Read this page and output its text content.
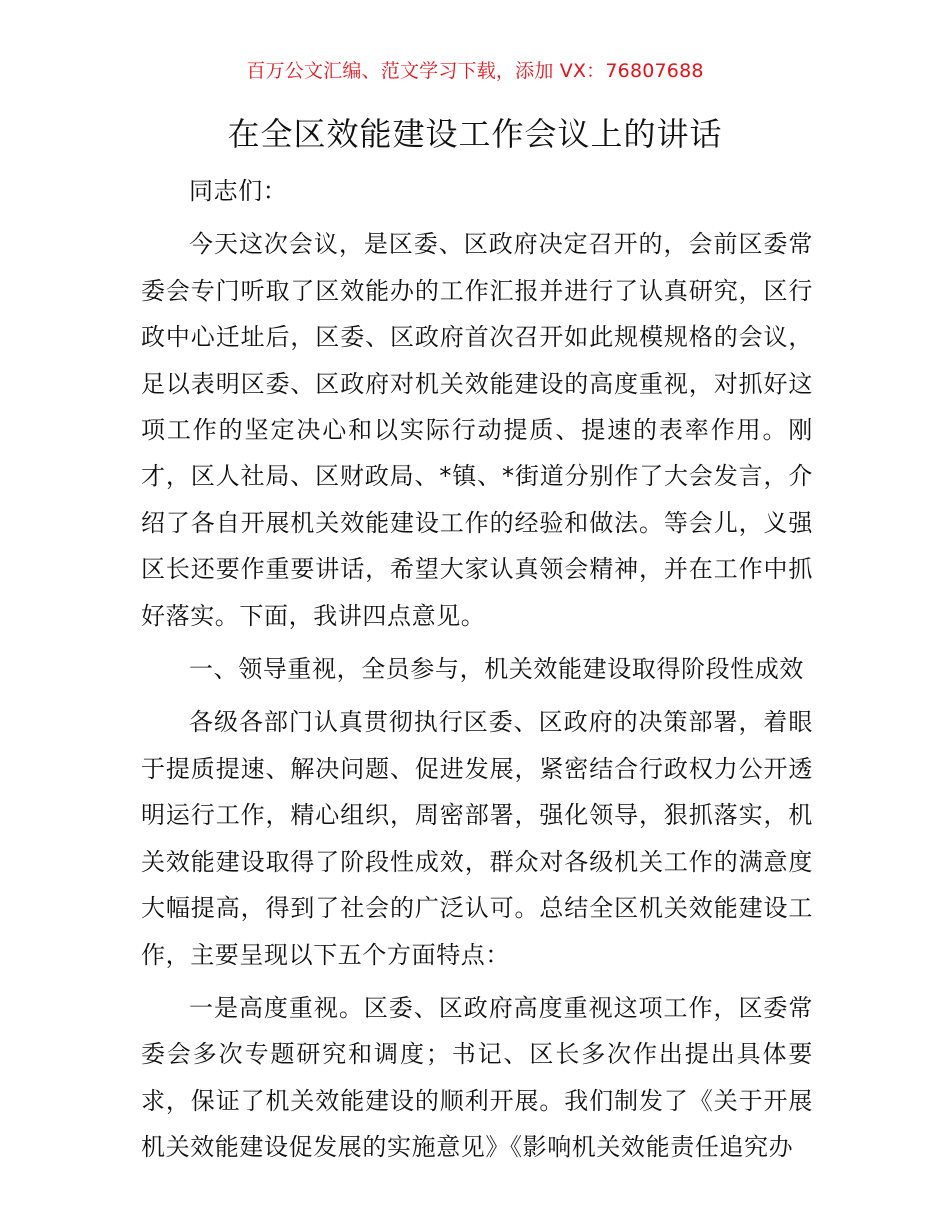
百万公文汇编、范文学习下载，添加 VX：76807688
在全区效能建设工作会议上的讲话

同志们：

今天这次会议，是区委、区政府决定召开的，会前区委常委会专门听取了区效能办的工作汇报并进行了认真研究，区行政中心迁址后，区委、区政府首次召开如此规模规格的会议，足以表明区委、区政府对机关效能建设的高度重视，对抓好这项工作的坚定决心和以实际行动提质、提速的表率作用。刚才，区人社局、区财政局、*镇、*街道分别作了大会发言，介绍了各自开展机关效能建设工作的经验和做法。等会儿，义强区长还要作重要讲话，希望大家认真领会精神，并在工作中抓好落实。下面，我讲四点意见。

一、领导重视，全员参与，机关效能建设取得阶段性成效

各级各部门认真贯彻执行区委、区政府的决策部署，着眼于提质提速、解决问题、促进发展，紧密结合行政权力公开透明运行工作，精心组织，周密部署，强化领导，狠抓落实，机关效能建设取得了阶段性成效，群众对各级机关工作的满意度大幅提高，得到了社会的广泛认可。总结全区机关效能建设工作，主要呈现以下五个方面特点：

一是高度重视。区委、区政府高度重视这项工作，区委常委会多次专题研究和调度；书记、区长多次作出提出具体要求，保证了机关效能建设的顺利开展。我们制发了《关于开展机关效能建设促发展的实施意见》《影响机关效能责任追究办
